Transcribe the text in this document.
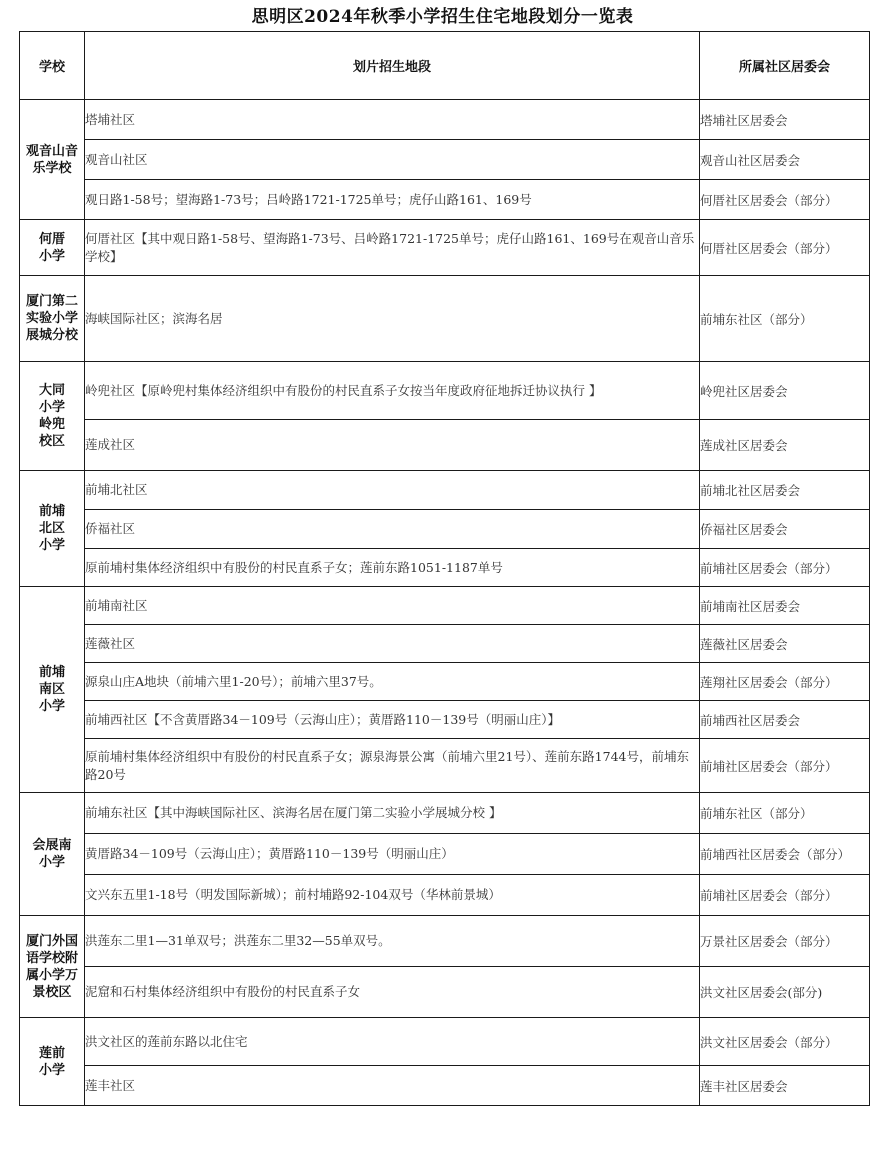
思明区2024年秋季小学招生住宅地段划分一览表
学校	划片招生地段	所属社区居委会

观音山音
乐学校	塔埔社区	塔埔社区居委会
	观音山社区	观音山社区居委会
	观日路1-58号；望海路1-73号；吕岭路1721-1725单号；虎仔山路161、169号	何厝社区居委会（部分）

何厝
小学	何厝社区【其中观日路1-58号、望海路1-73号、吕岭路1721-1725单号；虎仔山路161、169号在观音山音乐学校】	何厝社区居委会（部分）

厦门第二
实验小学
展城分校	海峡国际社区；滨海名居	前埔东社区（部分）

大同
小学
岭兜
校区	岭兜社区【原岭兜村集体经济组织中有股份的村民直系子女按当年度政府征地拆迁协议执行 】	岭兜社区居委会
	莲成社区	莲成社区居委会

前埔
北区
小学	前埔北社区	前埔北社区居委会
	侨福社区	侨福社区居委会
	原前埔村集体经济组织中有股份的村民直系子女；莲前东路1051-1187单号	前埔社区居委会（部分）

前埔
南区
小学	前埔南社区	前埔南社区居委会
	莲薇社区	莲薇社区居委会
	源泉山庄A地块（前埔六里1-20号）；前埔六里37号。	莲翔社区居委会（部分）
	前埔西社区【不含黄厝路34－109号（云海山庄）；黄厝路110－139号（明丽山庄）】	前埔西社区居委会
	原前埔村集体经济组织中有股份的村民直系子女；源泉海景公寓（前埔六里21号）、莲前东路1744号，前埔东路20号	前埔社区居委会（部分）

会展南
小学	前埔东社区【其中海峡国际社区、滨海名居在厦门第二实验小学展城分校 】	前埔东社区（部分）
	黄厝路34－109号（云海山庄）；黄厝路110－139号（明丽山庄）	前埔西社区居委会（部分）
	文兴东五里1-18号（明发国际新城）；前村埔路92-104双号（华林前景城）	前埔社区居委会（部分）

厦门外国
语学校附
属小学万
景校区	洪莲东二里1—31单双号；洪莲东二里32—55单双号。	万景社区居委会（部分）
	泥窟和石村集体经济组织中有股份的村民直系子女	洪文社区居委会(部分)

莲前
小学	洪文社区的莲前东路以北住宅	洪文社区居委会（部分）
	莲丰社区	莲丰社区居委会
